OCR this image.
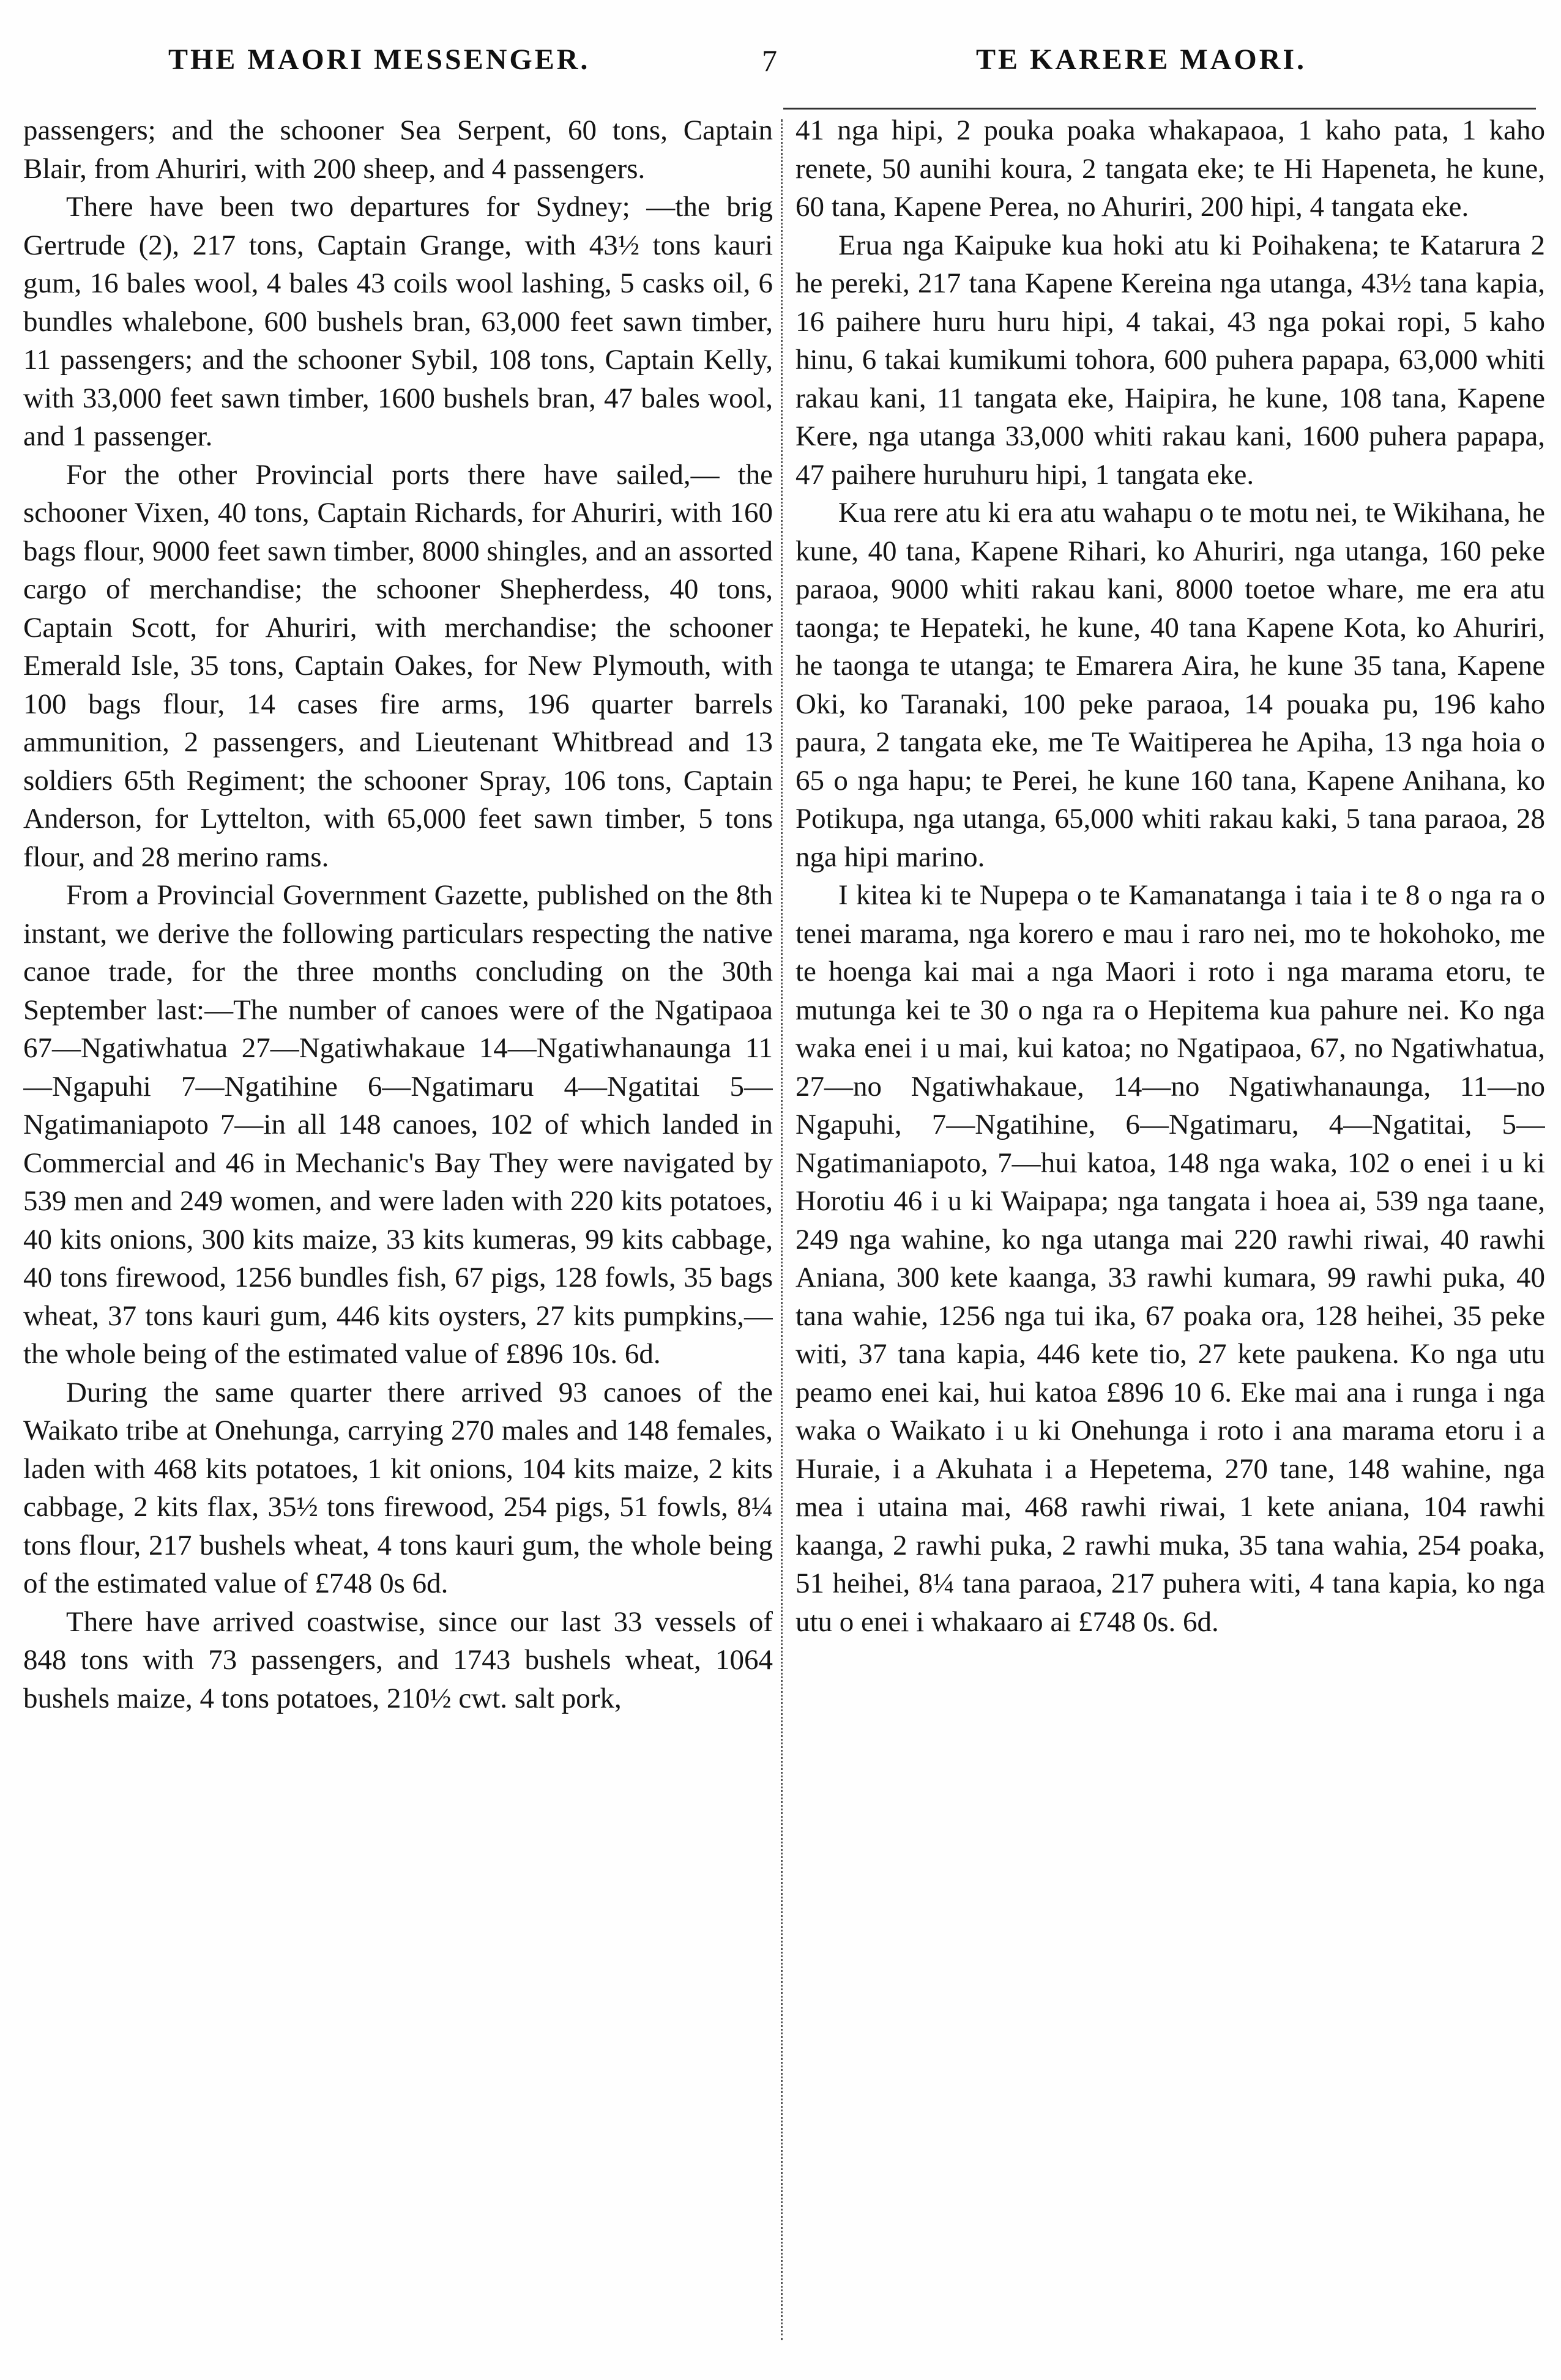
THE MAORI MESSENGER.	7	TE KARERE MAORI.

passengers; and the schooner Sea Serpent, 60 tons, Captain Blair, from Ahuriri, with 200 sheep, and 4 passengers.

There have been two departures for Sydney; —the brig Gertrude (2), 217 tons, Captain Grange, with 43½ tons kauri gum, 16 bales wool, 4 bales 43 coils wool lashing, 5 casks oil, 6 bundles whalebone, 600 bushels bran, 63,000 feet sawn timber, 11 passengers; and the schooner Sybil, 108 tons, Captain Kelly, with 33,000 feet sawn timber, 1600 bushels bran, 47 bales wool, and 1 passenger.

For the other Provincial ports there have sailed,— the schooner Vixen, 40 tons, Captain Richards, for Ahuriri, with 160 bags flour, 9000 feet sawn timber, 8000 shingles, and an assorted cargo of merchandise; the schooner Shepherdess, 40 tons, Captain Scott, for Ahuriri, with merchandise; the schooner Emerald Isle, 35 tons, Captain Oakes, for New Plymouth, with 100 bags flour, 14 cases fire arms, 196 quarter barrels ammunition, 2 passengers, and Lieutenant Whitbread and 13 soldiers 65th Regiment; the schooner Spray, 106 tons, Captain Anderson, for Lyttelton, with 65,000 feet sawn timber, 5 tons flour, and 28 merino rams.

From a Provincial Government Gazette, published on the 8th instant, we derive the following particulars respecting the native canoe trade, for the three months concluding on the 30th September last:—The number of canoes were of the Ngatipaoa 67—Ngatiwhatua 27—Ngatiwhakaue 14—Ngatiwhanaunga 11—Ngapuhi 7—Ngatihine 6—Ngatimaru 4—Ngatitai 5—Ngatimaniapoto 7—in all 148 canoes, 102 of which landed in Commercial and 46 in Mechanic's Bay They were navigated by 539 men and 249 women, and were laden with 220 kits potatoes, 40 kits onions, 300 kits maize, 33 kits kumeras, 99 kits cabbage, 40 tons firewood, 1256 bundles fish, 67 pigs, 128 fowls, 35 bags wheat, 37 tons kauri gum, 446 kits oysters, 27 kits pumpkins,—the whole being of the estimated value of £896 10s. 6d.

During the same quarter there arrived 93 canoes of the Waikato tribe at Onehunga, carrying 270 males and 148 females, laden with 468 kits potatoes, 1 kit onions, 104 kits maize, 2 kits cabbage, 2 kits flax, 35½ tons firewood, 254 pigs, 51 fowls, 8¼ tons flour, 217 bushels wheat, 4 tons kauri gum, the whole being of the estimated value of £748 0s 6d.

There have arrived coastwise, since our last 33 vessels of 848 tons with 73 passengers, and 1743 bushels wheat, 1064 bushels maize, 4 tons potatoes, 210½ cwt. salt pork,

41 nga hipi, 2 pouka poaka whakapaoa, 1 kaho pata, 1 kaho renete, 50 aunihi koura, 2 tangata eke; te Hi Hapeneta, he kune, 60 tana, Kapene Perea, no Ahuriri, 200 hipi, 4 tangata eke.

Erua nga Kaipuke kua hoki atu ki Poihakena; te Katarura 2 he pereki, 217 tana Kapene Kereina nga utanga, 43½ tana kapia, 16 paihere huru huru hipi, 4 takai, 43 nga pokai ropi, 5 kaho hinu, 6 takai kumikumi tohora, 600 puhera papapa, 63,000 whiti rakau kani, 11 tangata eke, Haipira, he kune, 108 tana, Kapene Kere, nga utanga 33,000 whiti rakau kani, 1600 puhera papapa, 47 paihere huruhuru hipi, 1 tangata eke.

Kua rere atu ki era atu wahapu o te motu nei, te Wikihana, he kune, 40 tana, Kapene Rihari, ko Ahuriri, nga utanga, 160 peke paraoa, 9000 whiti rakau kani, 8000 toetoe whare, me era atu taonga; te Hepateki, he kune, 40 tana Kapene Kota, ko Ahuriri, he taonga te utanga; te Emarera Aira, he kune 35 tana, Kapene Oki, ko Taranaki, 100 peke paraoa, 14 pouaka pu, 196 kaho paura, 2 tangata eke, me Te Waitiperea he Apiha, 13 nga hoia o 65 o nga hapu; te Perei, he kune 160 tana, Kapene Anihana, ko Potikupa, nga utanga, 65,000 whiti rakau kaki, 5 tana paraoa, 28 nga hipi marino.

I kitea ki te Nupepa o te Kamanatanga i taia i te 8 o nga ra o tenei marama, nga korero e mau i raro nei, mo te hokohoko, me te hoenga kai mai a nga Maori i roto i nga marama etoru, te mutunga kei te 30 o nga ra o Hepitema kua pahure nei. Ko nga waka enei i u mai, kui katoa; no Ngatipaoa, 67, no Ngatiwhatua, 27—no Ngatiwhakaue, 14—no Ngatiwhanaunga, 11—no Ngapuhi, 7—Ngatihine, 6—Ngatimaru, 4—Ngatitai, 5—Ngatimaniapoto, 7—hui katoa, 148 nga waka, 102 o enei i u ki Horotiu 46 i u ki Waipapa; nga tangata i hoea ai, 539 nga taane, 249 nga wahine, ko nga utanga mai 220 rawhi riwai, 40 rawhi Aniana, 300 kete kaanga, 33 rawhi kumara, 99 rawhi puka, 40 tana wahie, 1256 nga tui ika, 67 poaka ora, 128 heihei, 35 peke witi, 37 tana kapia, 446 kete tio, 27 kete paukena. Ko nga utu peamo enei kai, hui katoa £896 10 6. Eke mai ana i runga i nga waka o Waikato i u ki Onehunga i roto i ana marama etoru i a Huraie, i a Akuhata i a Hepetema, 270 tane, 148 wahine, nga mea i utaina mai, 468 rawhi riwai, 1 kete aniana, 104 rawhi kaanga, 2 rawhi puka, 2 rawhi muka, 35 tana wahia, 254 poaka, 51 heihei, 8¼ tana paraoa, 217 puhera witi, 4 tana kapia, ko nga utu o enei i whakaaro ai £748 0s. 6d.
